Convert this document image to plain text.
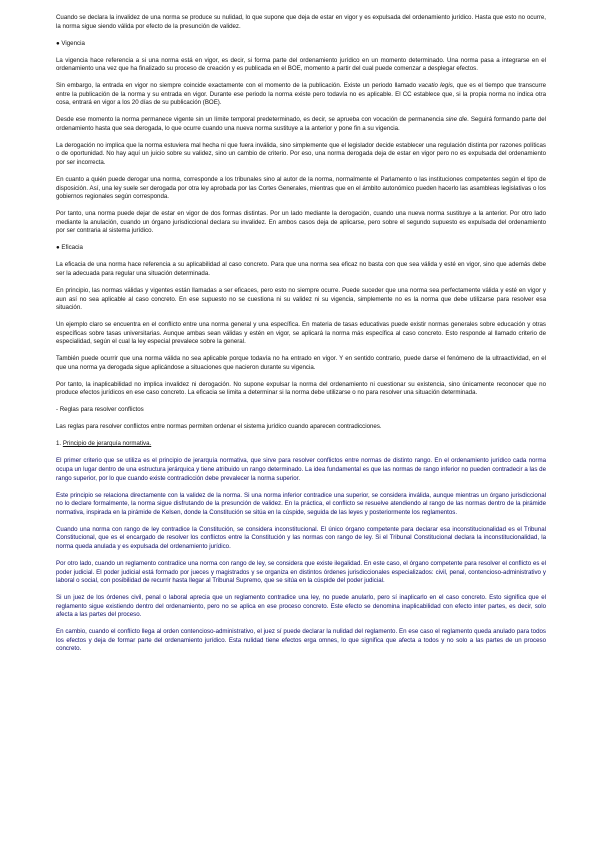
Cuando se declara la invalidez de una norma se produce su nulidad, lo que supone que deja de estar en vigor y es expulsada del ordenamiento jurídico. Hasta que esto no ocurre, la norma sigue siendo válida por efecto de la presunción de validez.

● Vigencia

La vigencia hace referencia a si una norma está en vigor, es decir, si forma parte del ordenamiento jurídico en un momento determinado. Una norma pasa a integrarse en el ordenamiento una vez que ha finalizado su proceso de creación y es publicada en el BOE, momento a partir del cual puede comenzar a desplegar efectos.

Sin embargo, la entrada en vigor no siempre coincide exactamente con el momento de la publicación. Existe un periodo llamado vacatio legis, que es el tiempo que transcurre entre la publicación de la norma y su entrada en vigor. Durante ese periodo la norma existe pero todavía no es aplicable. El CC establece que, si la propia norma no indica otra cosa, entrará en vigor a los 20 días de su publicación (BOE).

Desde ese momento la norma permanece vigente sin un límite temporal predeterminado, es decir, se aprueba con vocación de permanencia sine die. Seguirá formando parte del ordenamiento hasta que sea derogada, lo que ocurre cuando una nueva norma sustituye a la anterior y pone fin a su vigencia.

La derogación no implica que la norma estuviera mal hecha ni que fuera inválida, sino simplemente que el legislador decide establecer una regulación distinta por razones políticas o de oportunidad. No hay aquí un juicio sobre su validez, sino un cambio de criterio. Por eso, una norma derogada deja de estar en vigor pero no es expulsada del ordenamiento por ser incorrecta.

En cuanto a quién puede derogar una norma, corresponde a los tribunales sino al autor de la norma, normalmente el Parlamento o las instituciones competentes según el tipo de disposición. Así, una ley suele ser derogada por otra ley aprobada por las Cortes Generales, mientras que en el ámbito autonómico pueden hacerlo las asambleas legislativas o los gobiernos regionales según corresponda.

Por tanto, una norma puede dejar de estar en vigor de dos formas distintas. Por un lado mediante la derogación, cuando una nueva norma sustituye a la anterior. Por otro lado mediante la anulación, cuando un órgano jurisdiccional declara su invalidez. En ambos casos deja de aplicarse, pero sobre el segundo supuesto es expulsada del ordenamiento por ser contraria al sistema jurídico.

● Eficacia

La eficacia de una norma hace referencia a su aplicabilidad al caso concreto. Para que una norma sea eficaz no basta con que sea válida y esté en vigor, sino que además debe ser la adecuada para regular una situación determinada.

En principio, las normas válidas y vigentes están llamadas a ser eficaces, pero esto no siempre ocurre. Puede suceder que una norma sea perfectamente válida y esté en vigor y aun así no sea aplicable al caso concreto. En ese supuesto no se cuestiona ni su validez ni su vigencia, simplemente no es la norma que debe utilizarse para resolver esa situación.

Un ejemplo claro se encuentra en el conflicto entre una norma general y una específica. En materia de tasas educativas puede existir normas generales sobre educación y otras específicas sobre tasas universitarias. Aunque ambas sean válidas y estén en vigor, se aplicará la norma más específica al caso concreto. Esto responde al llamado criterio de especialidad, según el cual la ley especial prevalece sobre la general.

También puede ocurrir que una norma válida no sea aplicable porque todavía no ha entrado en vigor. Y en sentido contrario, puede darse el fenómeno de la ultraactividad, en el que una norma ya derogada sigue aplicándose a situaciones que nacieron durante su vigencia.

Por tanto, la inaplicabilidad no implica invalidez ni derogación. No supone expulsar la norma del ordenamiento ni cuestionar su existencia, sino únicamente reconocer que no produce efectos jurídicos en ese caso concreto. La eficacia se limita a determinar si la norma debe utilizarse o no para resolver una situación determinada.

- Reglas para resolver conflictos

Las reglas para resolver conflictos entre normas permiten ordenar el sistema jurídico cuando aparecen contradicciones.

1. Principio de jerarquía normativa.

El primer criterio que se utiliza es el principio de jerarquía normativa, que sirve para resolver conflictos entre normas de distinto rango. En el ordenamiento jurídico cada norma ocupa un lugar dentro de una estructura jerárquica y tiene atribuido un rango determinado. La idea fundamental es que las normas de rango inferior no pueden contradecir a las de rango superior, por lo que cuando existe contradicción debe prevalecer la norma superior.

Este principio se relaciona directamente con la validez de la norma. Si una norma inferior contradice una superior, se considera inválida, aunque mientras un órgano jurisdiccional no lo declare formalmente, la norma sigue disfrutando de la presunción de validez. En la práctica, el conflicto se resuelve atendiendo al rango de las normas dentro de la pirámide normativa, inspirada en la pirámide de Kelsen, donde la Constitución se sitúa en la cúspide, seguida de las leyes y posteriormente los reglamentos.

Cuando una norma con rango de ley contradice la Constitución, se considera inconstitucional. El único órgano competente para declarar esa inconstitucionalidad es el Tribunal Constitucional, que es el encargado de resolver los conflictos entre la Constitución y las normas con rango de ley. Si el Tribunal Constitucional declara la inconstitucionalidad, la norma queda anulada y es expulsada del ordenamiento jurídico.

Por otro lado, cuando un reglamento contradice una norma con rango de ley, se considera que existe ilegalidad. En este caso, el órgano competente para resolver el conflicto es el poder judicial. El poder judicial está formado por jueces y magistrados y se organiza en distintos órdenes jurisdiccionales especializados: civil, penal, contencioso-administrativo y laboral o social, con posibilidad de recurrir hasta llegar al Tribunal Supremo, que se sitúa en la cúspide del poder judicial.

Si un juez de los órdenes civil, penal o laboral aprecia que un reglamento contradice una ley, no puede anularlo, pero sí inaplicarlo en el caso concreto. Esto significa que el reglamento sigue existiendo dentro del ordenamiento, pero no se aplica en ese proceso concreto. Este efecto se denomina inaplicabilidad con efecto inter partes, es decir, solo afecta a las partes del proceso.

En cambio, cuando el conflicto llega al orden contencioso-administrativo, el juez sí puede declarar la nulidad del reglamento. En ese caso el reglamento queda anulado para todos los efectos y deja de formar parte del ordenamiento jurídico. Esta nulidad tiene efectos erga omnes, lo que significa que afecta a todos y no solo a las partes de un proceso concreto.
